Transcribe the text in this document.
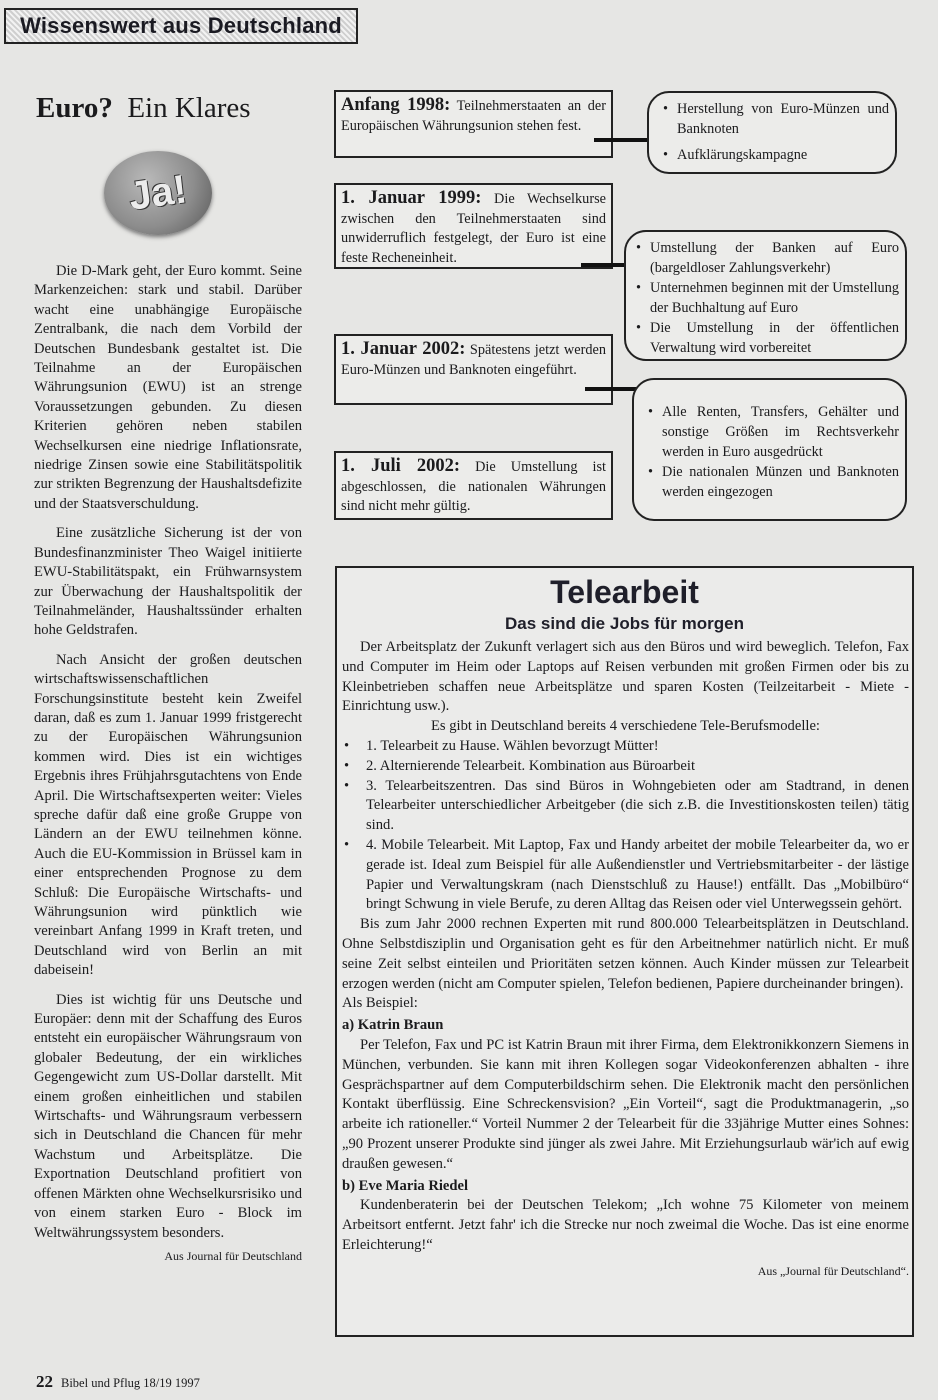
Wissenswert aus Deutschland
Euro? Ein Klares
Ja!

Die D-Mark geht, der Euro kommt. Seine Markenzeichen: stark und stabil. Darüber wacht eine unabhängige Europäische Zentralbank, die nach dem Vorbild der Deutschen Bundesbank gestaltet ist. Die Teilnahme an der Europäischen Währungsunion (EWU) ist an strenge Voraussetzungen gebunden. Zu diesen Kriterien gehören neben stabilen Wechselkursen eine niedrige Inflationsrate, niedrige Zinsen sowie eine Stabilitätspolitik zur strikten Begrenzung der Haushaltsdefizite und der Staatsverschuldung.

Eine zusätzliche Sicherung ist der von Bundesfinanzminister Theo Waigel initiierte EWU-Stabilitätspakt, ein Frühwarnsystem zur Überwachung der Haushaltspolitik der Teilnahmeländer, Haushaltssünder erhalten hohe Geldstrafen.

Nach Ansicht der großen deutschen wirtschaftswissenschaftlichen Forschungsinstitute besteht kein Zweifel daran, daß es zum 1. Januar 1999 fristgerecht zu der Europäischen Währungsunion kommen wird. Dies ist ein wichtiges Ergebnis ihres Frühjahrsgutachtens von Ende April. Die Wirtschaftsexperten weiter: Vieles spreche dafür daß eine große Gruppe von Ländern an der EWU teilnehmen könne. Auch die EU-Kommission in Brüssel kam in einer entsprechenden Prognose zu dem Schluß: Die Europäische Wirtschafts- und Währungsunion wird pünktlich wie vereinbart Anfang 1999 in Kraft treten, und Deutschland wird von Berlin an mit dabeisein!

Dies ist wichtig für uns Deutsche und Europäer: denn mit der Schaffung des Euros entsteht ein europäischer Währungsraum von globaler Bedeutung, der ein wirkliches Gegengewicht zum US-Dollar darstellt. Mit einem großen einheitlichen und stabilen Wirtschafts- und Währungsraum verbessern sich in Deutschland die Chancen für mehr Wachstum und Arbeitsplätze. Die Exportnation Deutschland profitiert von offenen Märkten ohne Wechselkursrisiko und von einem starken Euro - Block im Weltwährungssystem besonders.

Aus Journal für Deutschland

Anfang 1998: Teilnehmerstaaten an der Europäischen Währungsunion stehen fest.
1. Januar 1999: Die Wechselkurse zwischen den Teilnehmerstaaten sind unwiderruflich festgelegt, der Euro ist eine feste Recheneinheit.
1. Januar 2002: Spätestens jetzt werden Euro-Münzen und Banknoten eingeführt.
1. Juli 2002: Die Umstellung ist abgeschlossen, die nationalen Währungen sind nicht mehr gültig.
• Herstellung von Euro-Münzen und Banknoten
• Aufklärungskampagne
• Umstellung der Banken auf Euro (bargeldloser Zahlungsverkehr)
• Unternehmen beginnen mit der Umstellung der Buchhaltung auf Euro
• Die Umstellung in der öffentlichen Verwaltung wird vorbereitet
• Alle Renten, Transfers, Gehälter und sonstige Größen im Rechtsverkehr werden in Euro ausgedrückt
• Die nationalen Münzen und Banknoten werden eingezogen
Telearbeit
Das sind die Jobs für morgen

Der Arbeitsplatz der Zukunft verlagert sich aus den Büros und wird beweglich. Telefon, Fax und Computer im Heim oder Laptops auf Reisen verbunden mit großen Firmen oder bis zu Kleinbetrieben schaffen neue Arbeitsplätze und sparen Kosten (Teilzeitarbeit - Miete - Einrichtung usw.).

Es gibt in Deutschland bereits 4 verschiedene Tele-Berufsmodelle:

• 1. Telearbeit zu Hause. Wählen bevorzugt Mütter!
• 2. Alternierende Telearbeit. Kombination aus Büroarbeit
• 3. Telearbeitszentren. Das sind Büros in Wohngebieten oder am Stadtrand, in denen Telearbeiter unterschiedlicher Arbeitgeber (die sich z.B. die Investitionskosten teilen) tätig sind.
• 4. Mobile Telearbeit. Mit Laptop, Fax und Handy arbeitet der mobile Telearbeiter da, wo er gerade ist. Ideal zum Beispiel für alle Außendienstler und Vertriebsmitarbeiter - der lästige Papier und Verwaltungskram (nach Dienstschluß zu Hause!) entfällt. Das „Mobilbüro“ bringt Schwung in viele Berufe, zu deren Alltag das Reisen oder viel Unterwegssein gehört.

Bis zum Jahr 2000 rechnen Experten mit rund 800.000 Telearbeitsplätzen in Deutschland. Ohne Selbstdisziplin und Organisation geht es für den Arbeitnehmer natürlich nicht. Er muß seine Zeit selbst einteilen und Prioritäten setzen können. Auch Kinder müssen zur Telearbeit erzogen werden (nicht am Computer spielen, Telefon bedienen, Papiere durcheinander bringen).

Als Beispiel:

a) Katrin Braun

Per Telefon, Fax und PC ist Katrin Braun mit ihrer Firma, dem Elektronikkonzern Siemens in München, verbunden. Sie kann mit ihren Kollegen sogar Videokonferenzen abhalten - ihre Gesprächspartner auf dem Computerbildschirm sehen. Die Elektronik macht den persönlichen Kontakt überflüssig. Eine Schreckensvision? „Ein Vorteil“, sagt die Produktmanagerin, „so arbeite ich rationeller.“ Vorteil Nummer 2 der Telearbeit für die 33jährige Mutter eines Sohnes: „90 Prozent unserer Produkte sind jünger als zwei Jahre. Mit Erziehungsurlaub wär'ich auf ewig draußen gewesen.“

b) Eve Maria Riedel

Kundenberaterin bei der Deutschen Telekom; „Ich wohne 75 Kilometer von meinem Arbeitsort entfernt. Jetzt fahr' ich die Strecke nur noch zweimal die Woche. Das ist eine enorme Erleichterung!“

Aus „Journal für Deutschland“.

22 Bibel und Pflug 18/19 1997
